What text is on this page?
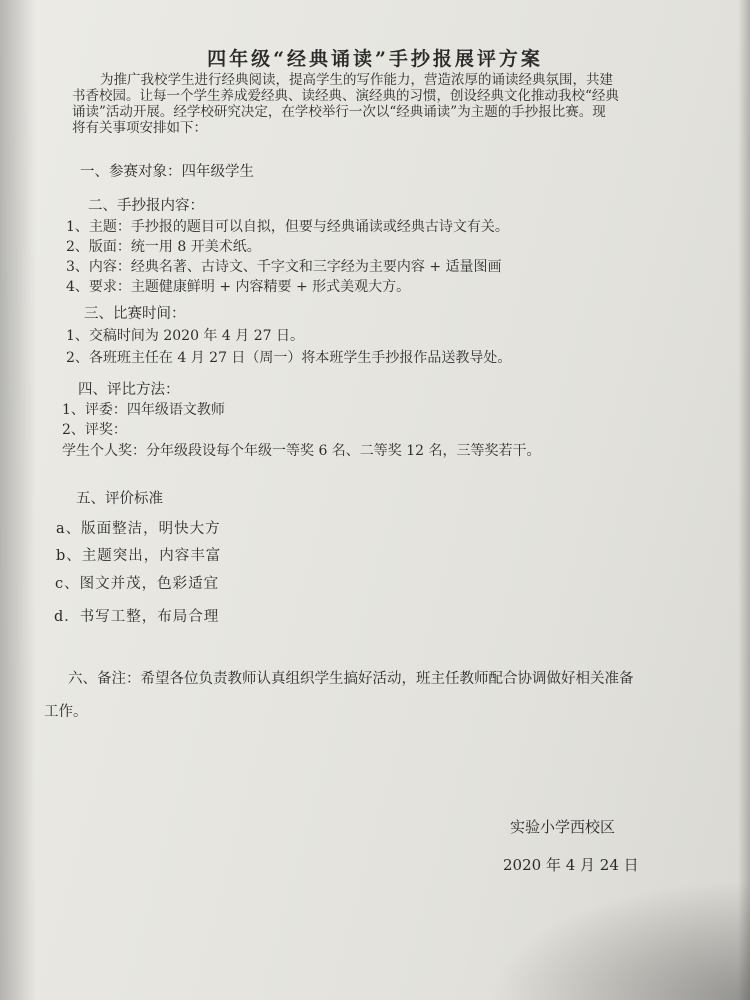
四年级“经典诵读”手抄报展评方案
为推广我校学生进行经典阅读，提高学生的写作能力，营造浓厚的诵读经典氛围，共建
书香校园。让每一个学生养成爱经典、读经典、演经典的习惯，创设经典文化推动我校“经典
诵读”活动开展。经学校研究决定，在学校举行一次以“经典诵读”为主题的手抄报比赛。现
将有关事项安排如下：
一、参赛对象：四年级学生
二、手抄报内容：
1、主题：手抄报的题目可以自拟，但要与经典诵读或经典古诗文有关。
2、版面：统一用 8 开美术纸。
3、内容：经典名著、古诗文、千字文和三字经为主要内容 + 适量图画
4、要求：主题健康鲜明 + 内容精要 + 形式美观大方。
三、比赛时间：
1、交稿时间为 2020 年 4 月 27 日。
2、各班班主任在 4 月 27 日（周一）将本班学生手抄报作品送教导处。
四、评比方法：
1、评委：四年级语文教师
2、评奖：
学生个人奖：分年级段设每个年级一等奖 6 名、二等奖 12 名，三等奖若干。
五、评价标准
a、版面整洁，明快大方
b、主题突出，内容丰富
c、图文并茂，色彩适宜
d．书写工整，布局合理
六、备注：希望各位负责教师认真组织学生搞好活动，班主任教师配合协调做好相关准备
工作。
实验小学西校区
2020 年 4 月 24 日
